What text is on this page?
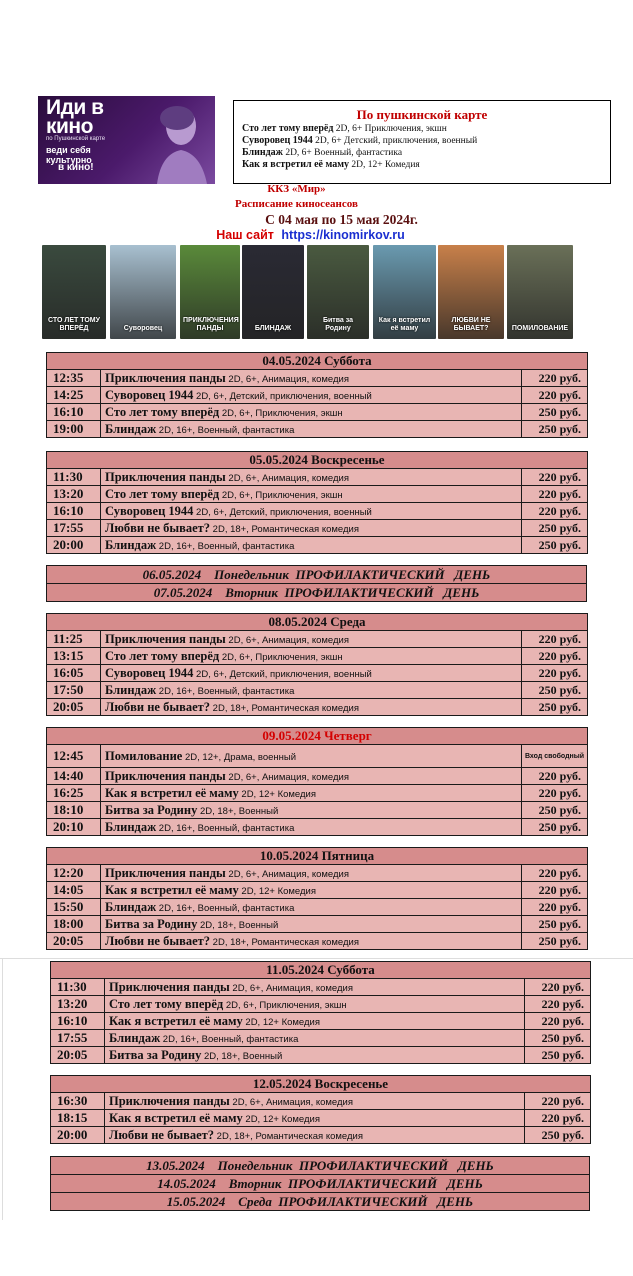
Иди в
кино
по Пушкинской карте
веди себя
культурно
в кино!
По пушкинской карте
Сто лет тому вперёд 2D, 6+ Приключения, экшн
Суворовец 1944 2D, 6+ Детский, приключения, военный
Блиндаж 2D, 6+ Военный, фантастика
Как я встретил её маму 2D, 12+ Комедия
ККЗ «Мир»
Расписание киносеансов
С 04 мая по 15 мая 2024г.
Наш сайт https://kinomirkov.ru
СТО ЛЕТ ТОМУ ВПЕРЁД	Суворовец
ПРИКЛЮЧЕНИЯ ПАНДЫ	БЛИНДАЖ
Битва за Родину
Как я встретил её маму
ЛЮБВИ НЕ БЫВАЕТ?	ПОМИЛОВАНИЕ
04.05.2024 Суббота		
12:35	Приключения панды 2D, 6+, Анимация, комедия	220 руб.
14:25	Суворовец 1944 2D, 6+, Детский, приключения, военный	220 руб.
16:10	Сто лет тому вперёд 2D, 6+, Приключения, экшн	250 руб.
19:00	Блиндаж 2D, 16+, Военный, фантастика	250 руб.
05.05.2024 Воскресенье		
11:30	Приключения панды 2D, 6+, Анимация, комедия	220 руб.
13:20	Сто лет тому вперёд 2D, 6+, Приключения, экшн	220 руб.
16:10	Суворовец 1944 2D, 6+, Детский, приключения, военный	220 руб.
17:55	Любви не бывает? 2D, 18+, Романтическая комедия	250 руб.
20:00	Блиндаж 2D, 16+, Военный, фантастика	250 руб.
08.05.2024 Среда		
11:25	Приключения панды 2D, 6+, Анимация, комедия	220 руб.
13:15	Сто лет тому вперёд 2D, 6+, Приключения, экшн	220 руб.
16:05	Суворовец 1944 2D, 6+, Детский, приключения, военный	220 руб.
17:50	Блиндаж 2D, 16+, Военный, фантастика	250 руб.
20:05	Любви не бывает? 2D, 18+, Романтическая комедия	250 руб.
09.05.2024 Четверг		
12:45	Помилование 2D, 12+, Драма, военный	Вход свободный
14:40	Приключения панды 2D, 6+, Анимация, комедия	220 руб.
16:25	Как я встретил её маму 2D, 12+ Комедия	220 руб.
18:10	Битва за Родину 2D, 18+, Военный	250 руб.
20:10	Блиндаж 2D, 16+, Военный, фантастика	250 руб.
10.05.2024 Пятница		
12:20	Приключения панды 2D, 6+, Анимация, комедия	220 руб.
14:05	Как я встретил её маму 2D, 12+ Комедия	220 руб.
15:50	Блиндаж 2D, 16+, Военный, фантастика	220 руб.
18:00	Битва за Родину 2D, 18+, Военный	250 руб.
20:05	Любви не бывает? 2D, 18+, Романтическая комедия	250 руб.
11.05.2024 Суббота		
11:30	Приключения панды 2D, 6+, Анимация, комедия	220 руб.
13:20	Сто лет тому вперёд 2D, 6+, Приключения, экшн	220 руб.
16:10	Как я встретил её маму 2D, 12+ Комедия	220 руб.
17:55	Блиндаж 2D, 16+, Военный, фантастика	250 руб.
20:05	Битва за Родину 2D, 18+, Военный	250 руб.
12.05.2024 Воскресенье		
16:30	Приключения панды 2D, 6+, Анимация, комедия	220 руб.
18:15	Как я встретил её маму 2D, 12+ Комедия	220 руб.
20:00	Любви не бывает? 2D, 18+, Романтическая комедия	250 руб.
06.05.2024    Понедельник  ПРОФИЛАКТИЧЕСКИЙ   ДЕНЬ
07.05.2024    Вторник  ПРОФИЛАКТИЧЕСКИЙ   ДЕНЬ
13.05.2024    Понедельник  ПРОФИЛАКТИЧЕСКИЙ   ДЕНЬ
14.05.2024    Вторник  ПРОФИЛАКТИЧЕСКИЙ   ДЕНЬ
15.05.2024    Среда  ПРОФИЛАКТИЧЕСКИЙ   ДЕНЬ
